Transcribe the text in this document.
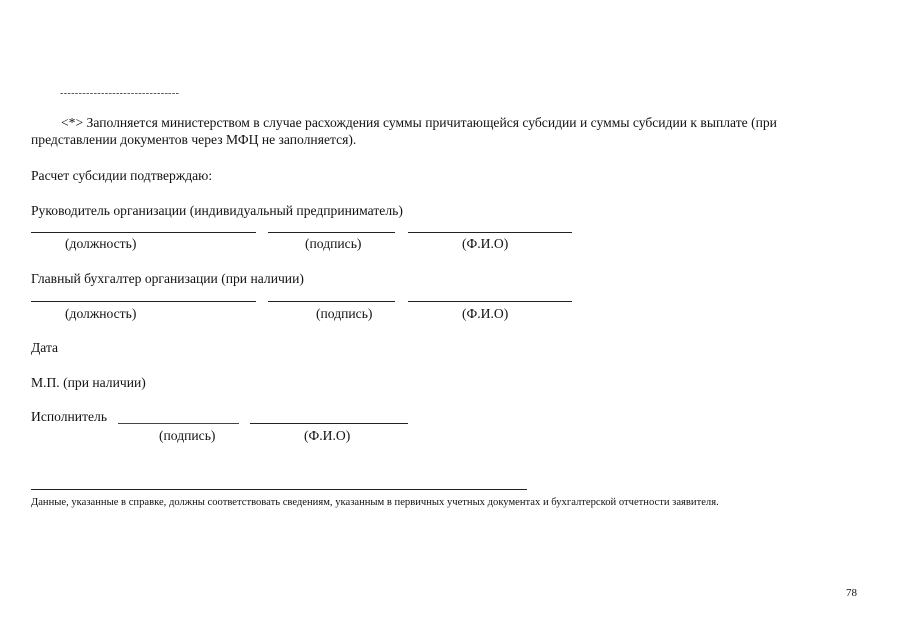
--------------------------------
<*> Заполняется министерством в случае расхождения суммы причитающейся субсидии и суммы субсидии к выплате (при представлении документов через МФЦ не заполняется).
Расчет субсидии подтверждаю:
Руководитель организации (индивидуальный предприниматель)
(должность)	(подпись)	(Ф.И.О)
Главный бухгалтер организации (при наличии)
(должность)	(подпись)	(Ф.И.О)
Дата
М.П. (при наличии)
Исполнитель
(подпись)	(Ф.И.О)
Данные, указанные в справке, должны соответствовать сведениям, указанным в первичных учетных документах и бухгалтерской отчетности заявителя.
78
